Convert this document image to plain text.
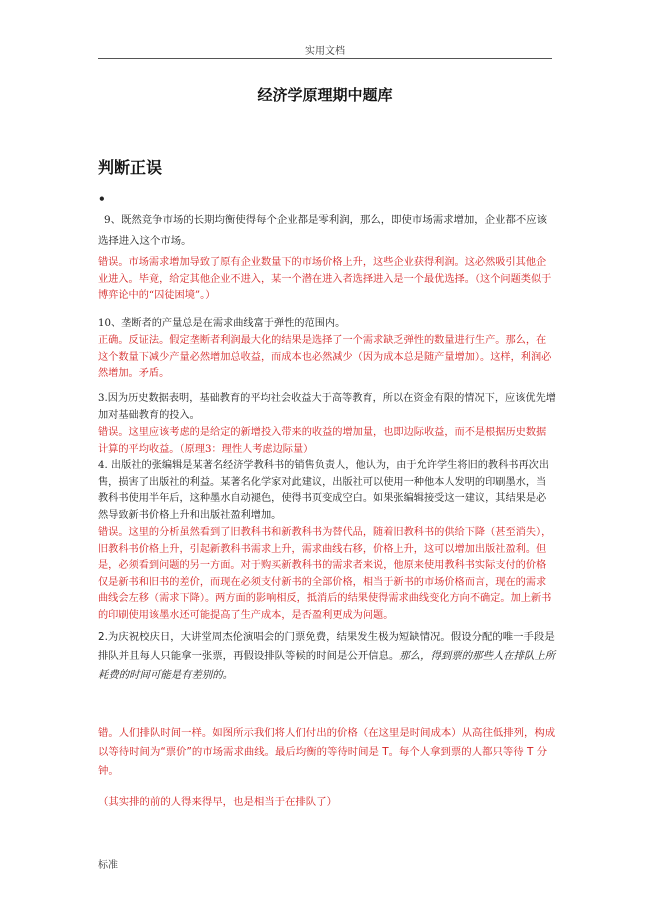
实用文档
经济学原理期中题库
判断正误
•

9、既然竞争市场的长期均衡使得每个企业都是零利润，那么，即使市场需求增加，企业都不应该选择进入这个市场。

错误。市场需求增加导致了原有企业数量下的市场价格上升，这些企业获得利润。这必然吸引其他企业进入。毕竟，给定其他企业不进入，某一个潜在进入者选择进入是一个最优选择。（这个问题类似于博弈论中的“囚徒困境”。）

10、垄断者的产量总是在需求曲线富于弹性的范围内。

正确。反证法。假定垄断者利润最大化的结果是选择了一个需求缺乏弹性的数量进行生产。那么，在这个数量下减少产量必然增加总收益，而成本也必然减少（因为成本总是随产量增加）。这样，利润必然增加。矛盾。

3.因为历史数据表明，基础教育的平均社会收益大于高等教育，所以在资金有限的情况下，应该优先增加对基础教育的投入。

错误。这里应该考虑的是给定的新增投入带来的收益的增加量，也即边际收益，而不是根据历史数据计算的平均收益。（原理3：理性人考虑边际量）

4. 出版社的张编辑是某著名经济学教科书的销售负责人，他认为，由于允许学生将旧的教科书再次出售，损害了出版社的利益。某著名化学家对此建议，出版社可以使用一种他本人发明的印刷墨水，当教科书使用半年后，这种墨水自动褪色，使得书页变成空白。如果张编辑接受这一建议，其结果是必然导致新书价格上升和出版社盈利增加。

错误。这里的分析虽然看到了旧教科书和新教科书为替代品，随着旧教科书的供给下降（甚至消失），旧教科书价格上升，引起新教科书需求上升，需求曲线右移，价格上升，这可以增加出版社盈利。但是，必须看到问题的另一方面。对于购买新教科书的需求者来说，他原来使用教科书实际支付的价格仅是新书和旧书的差价，而现在必须支付新书的全部价格，相当于新书的市场价格而言，现在的需求曲线会左移（需求下降）。两方面的影响相反，抵消后的结果使得需求曲线变化方向不确定。加上新书的印刷使用该墨水还可能提高了生产成本，是否盈利更成为问题。

2.为庆祝校庆日，大讲堂周杰伦演唱会的门票免费，结果发生极为短缺情况。假设分配的唯一手段是排队并且每人只能拿一张票，再假设排队等候的时间是公开信息。那么，得到票的那些人在排队上所耗费的时间可能是有差别的。

错。人们排队时间一样。如图所示我们将人们付出的价格（在这里是时间成本）从高往低排列，构成以等待时间为“票价”的市场需求曲线。最后均衡的等待时间是 T。每个人拿到票的人都只等待 T 分钟。

（其实排的前的人得来得早，也是相当于在排队了）

标准
